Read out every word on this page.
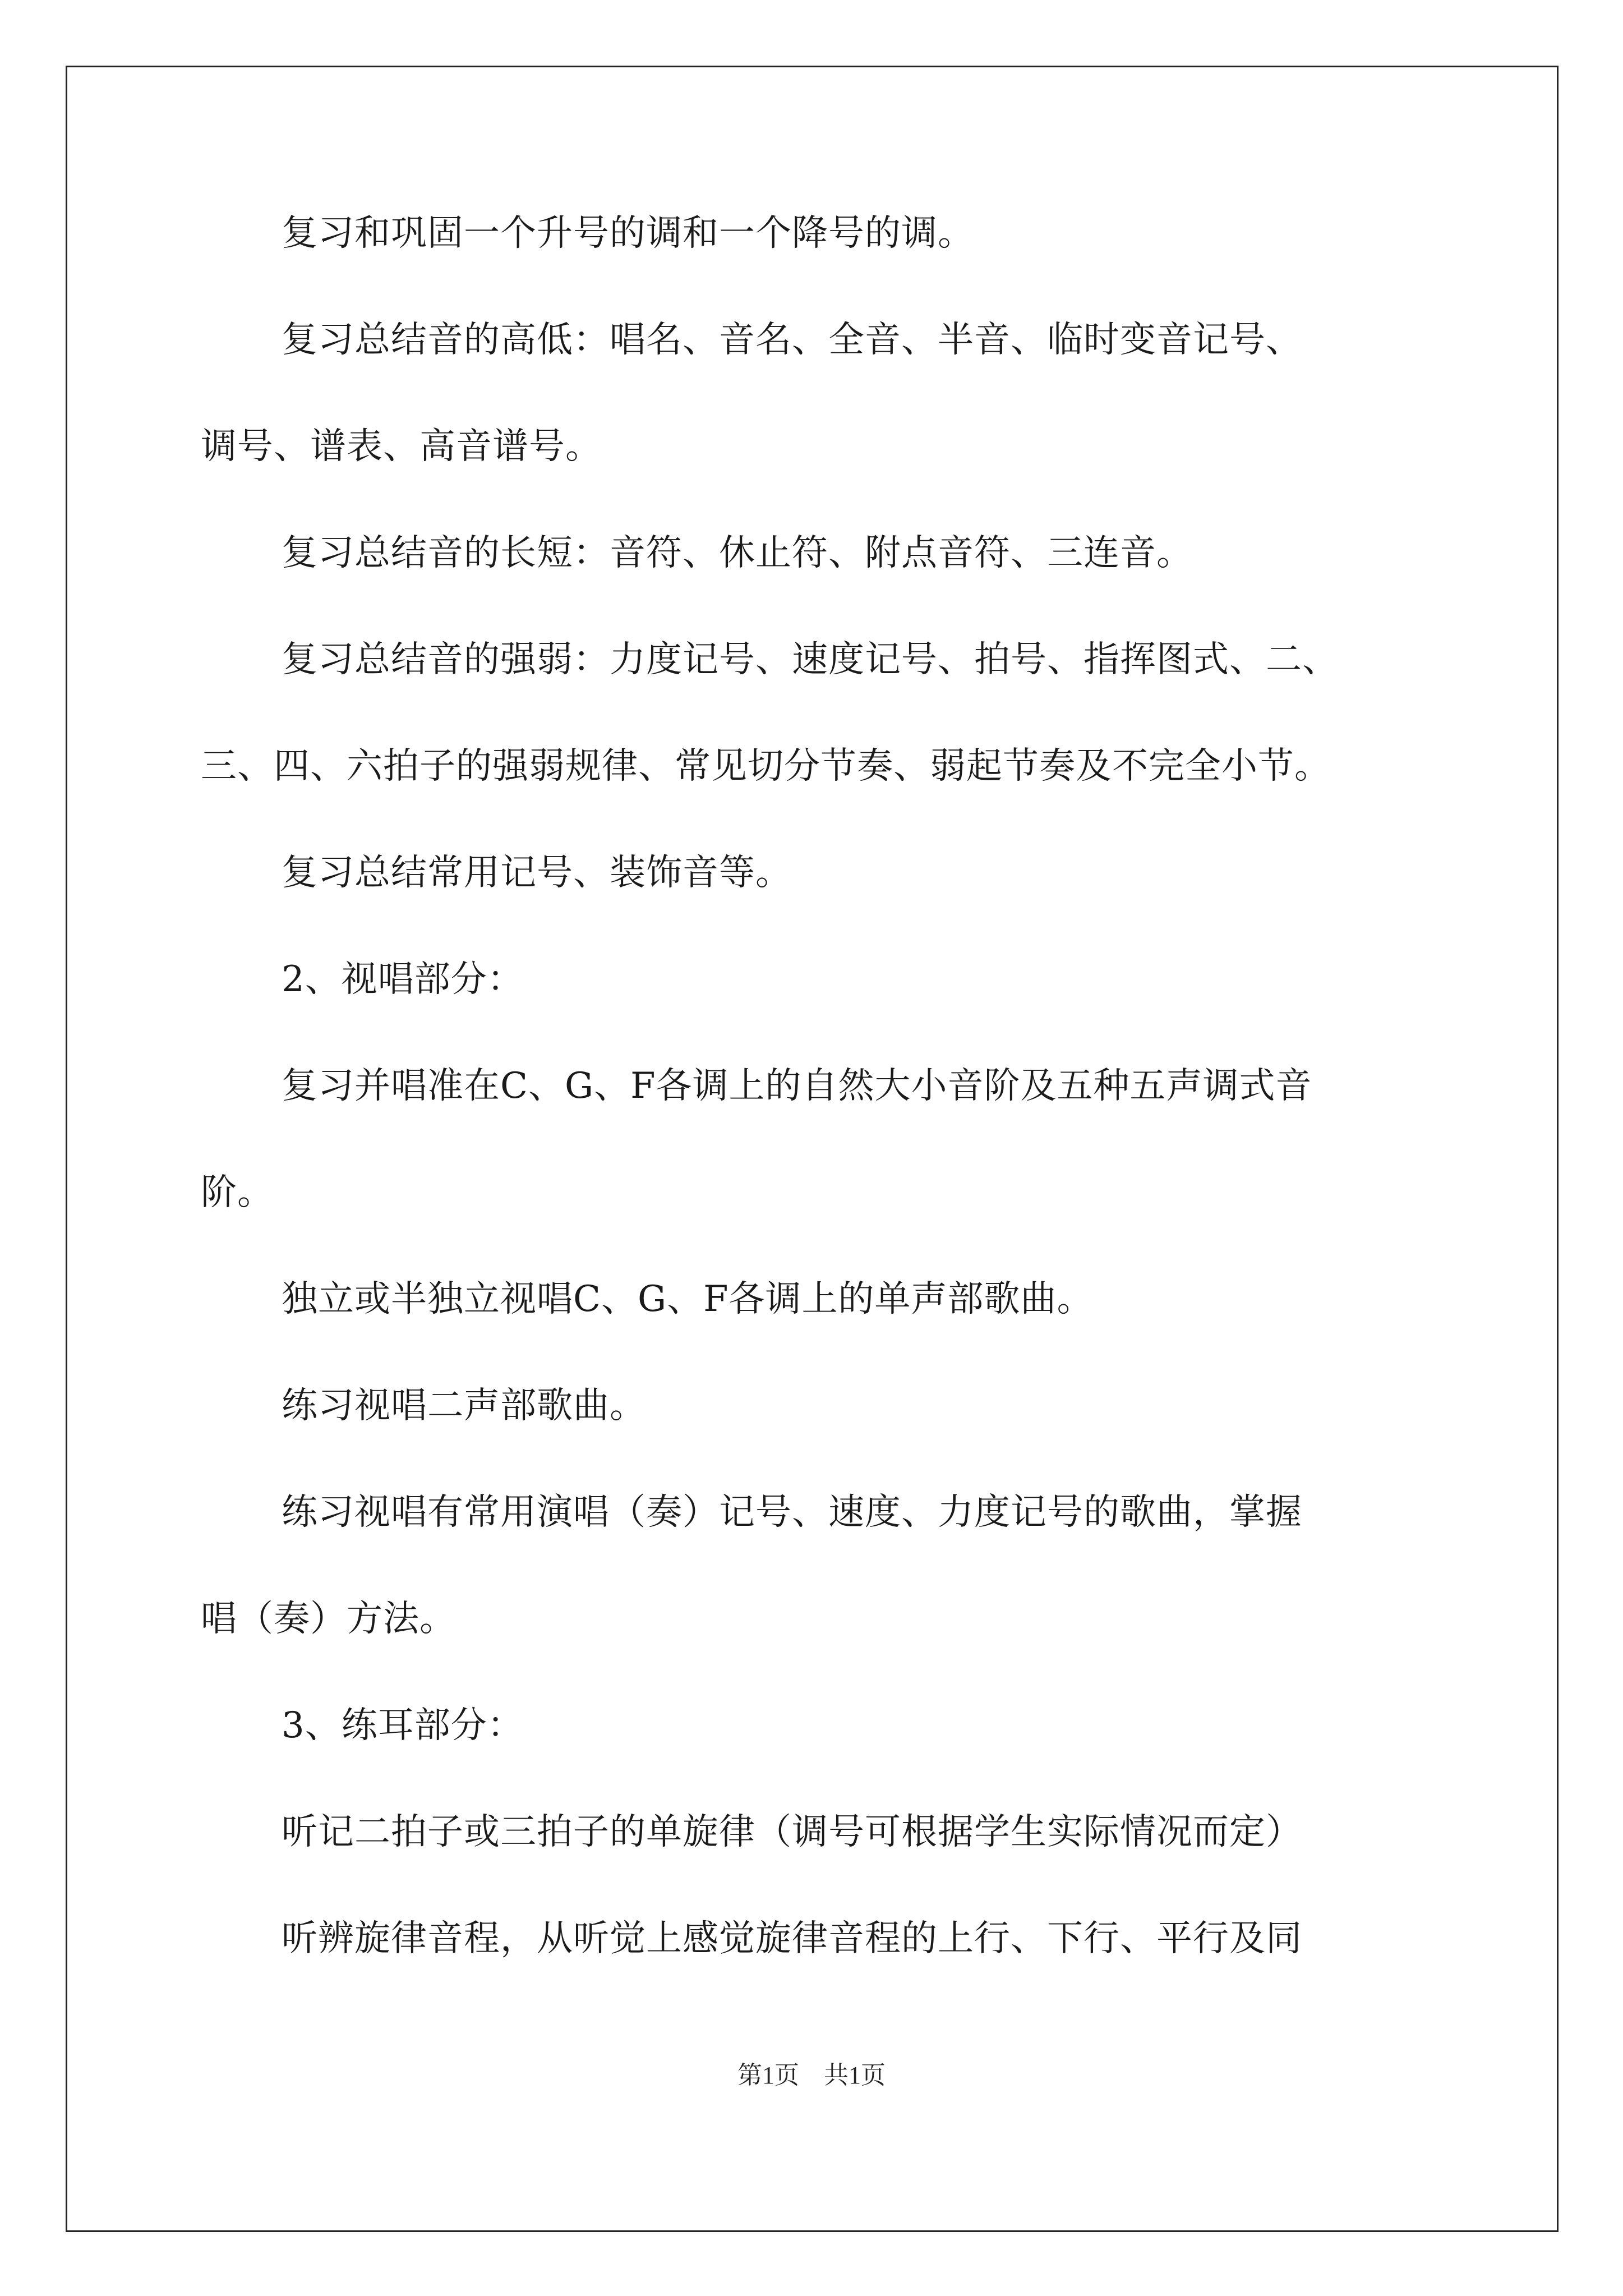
复习和巩固一个升号的调和一个降号的调。
复习总结音的高低：唱名、音名、全音、半音、临时变音记号、
调号、谱表、高音谱号。
复习总结音的长短：音符、休止符、附点音符、三连音。
复习总结音的强弱：力度记号、速度记号、拍号、指挥图式、二、
三、四、六拍子的强弱规律、常见切分节奏、弱起节奏及不完全小节。
复习总结常用记号、装饰音等。
2、视唱部分：
复习并唱准在C、G、F各调上的自然大小音阶及五种五声调式音
阶。
独立或半独立视唱C、G、F各调上的单声部歌曲。
练习视唱二声部歌曲。
练习视唱有常用演唱（奏）记号、速度、力度记号的歌曲，掌握
唱（奏）方法。
3、练耳部分：
听记二拍子或三拍子的单旋律（调号可根据学生实际情况而定）
听辨旋律音程，从听觉上感觉旋律音程的上行、下行、平行及同
第1页 共1页
